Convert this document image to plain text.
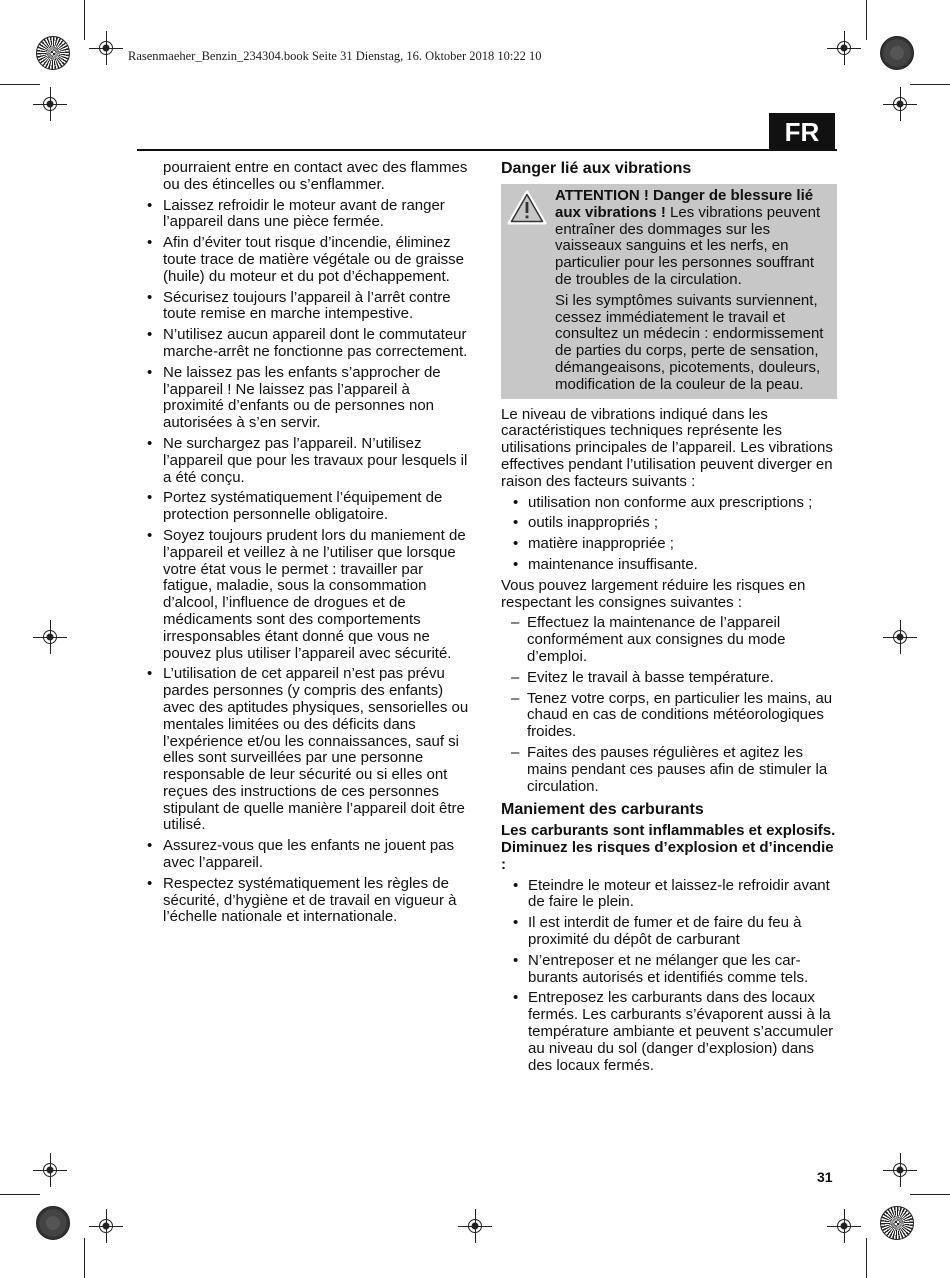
Rasenmaeher_Benzin_234304.book Seite 31 Dienstag, 16. Oktober 2018 10:22 10
FR

pourraient entre en contact avec des flammes ou des étincelles ou s’enflammer.

• Laissez refroidir le moteur avant de ranger l’appareil dans une pièce fermée.
• Afin d’éviter tout risque d’incendie, éliminez toute trace de matière végétale ou de graisse (huile) du moteur et du pot d’échappement.
• Sécurisez toujours l’appareil à l’arrêt contre toute remise en marche intempestive.
• N’utilisez aucun appareil dont le commutateur marche-arrêt ne fonctionne pas correctement.
• Ne laissez pas les enfants s’approcher de l’appareil ! Ne laissez pas l’appareil à proximité d’enfants ou de personnes non autorisées à s’en servir.
• Ne surchargez pas l’appareil. N’utilisez l’appareil que pour les travaux pour lesquels il a été conçu.
• Portez systématiquement l’équipement de protection personnelle obligatoire.
• Soyez toujours prudent lors du maniement de l’appareil et veillez à ne l’utiliser que lorsque votre état vous le permet : travailler par fatigue, maladie, sous la consommation d’alcool, l’influence de drogues et de médicaments sont des comportements irresponsables étant donné que vous ne pouvez plus utiliser l’appareil avec sécurité.
• L’utilisation de cet appareil n’est pas prévu pardes personnes (y compris des enfants) avec des aptitudes physiques, sensorielles ou mentales limitées ou des déficits dans l’expérience et/ou les connaissances, sauf si elles sont surveillées par une personne responsable de leur sécurité ou si elles ont reçues des instructions de ces personnes stipulant de quelle manière l’appareil doit être utilisé.
• Assurez-vous que les enfants ne jouent pas avec l’appareil.
• Respectez systématiquement les règles de sécurité, d’hygiène et de travail en vigueur à l’échelle nationale et internationale.
Danger lié aux vibrations

ATTENTION ! Danger de blessure lié aux vibrations ! Les vibrations peuvent entraîner des dommages sur les vaisseaux sanguins et les nerfs, en particulier pour les personnes souffrant de troubles de la circulation.

Si les symptômes suivants surviennent, cessez immédiatement le travail et consultez un médecin : endormissement de parties du corps, perte de sensation, démangeaisons, picotements, douleurs, modification de la couleur de la peau.

Le niveau de vibrations indiqué dans les caractéristiques techniques représente les utilisations principales de l’appareil. Les vibrations effectives pendant l’utilisation peuvent diverger en raison des facteurs suivants :

• utilisation non conforme aux prescriptions ;
• outils inappropriés ;
• matière inappropriée ;
• maintenance insuffisante.

Vous pouvez largement réduire les risques en respectant les consignes suivantes :

– Effectuez la maintenance de l’appareil conformément aux consignes du mode d’emploi.
– Evitez le travail à basse température.
– Tenez votre corps, en particulier les mains, au chaud en cas de conditions météorologiques froides.
– Faites des pauses régulières et agitez les mains pendant ces pauses afin de stimuler la circulation.
Maniement des carburants

Les carburants sont inflammables et explosifs. Diminuez les risques d’explosion et d’incendie :

• Eteindre le moteur et laissez-le refroidir avant de faire le plein.
• Il est interdit de fumer et de faire du feu à proximité du dépôt de carburant
• N’entreposer et ne mélanger que les carburants autorisés et identifiés comme tels.
• Entreposez les carburants dans des locaux fermés. Les carburants s’évaporent aussi à la température ambiante et peuvent s’accumuler au niveau du sol (danger d’explosion) dans des locaux fermés.
31
